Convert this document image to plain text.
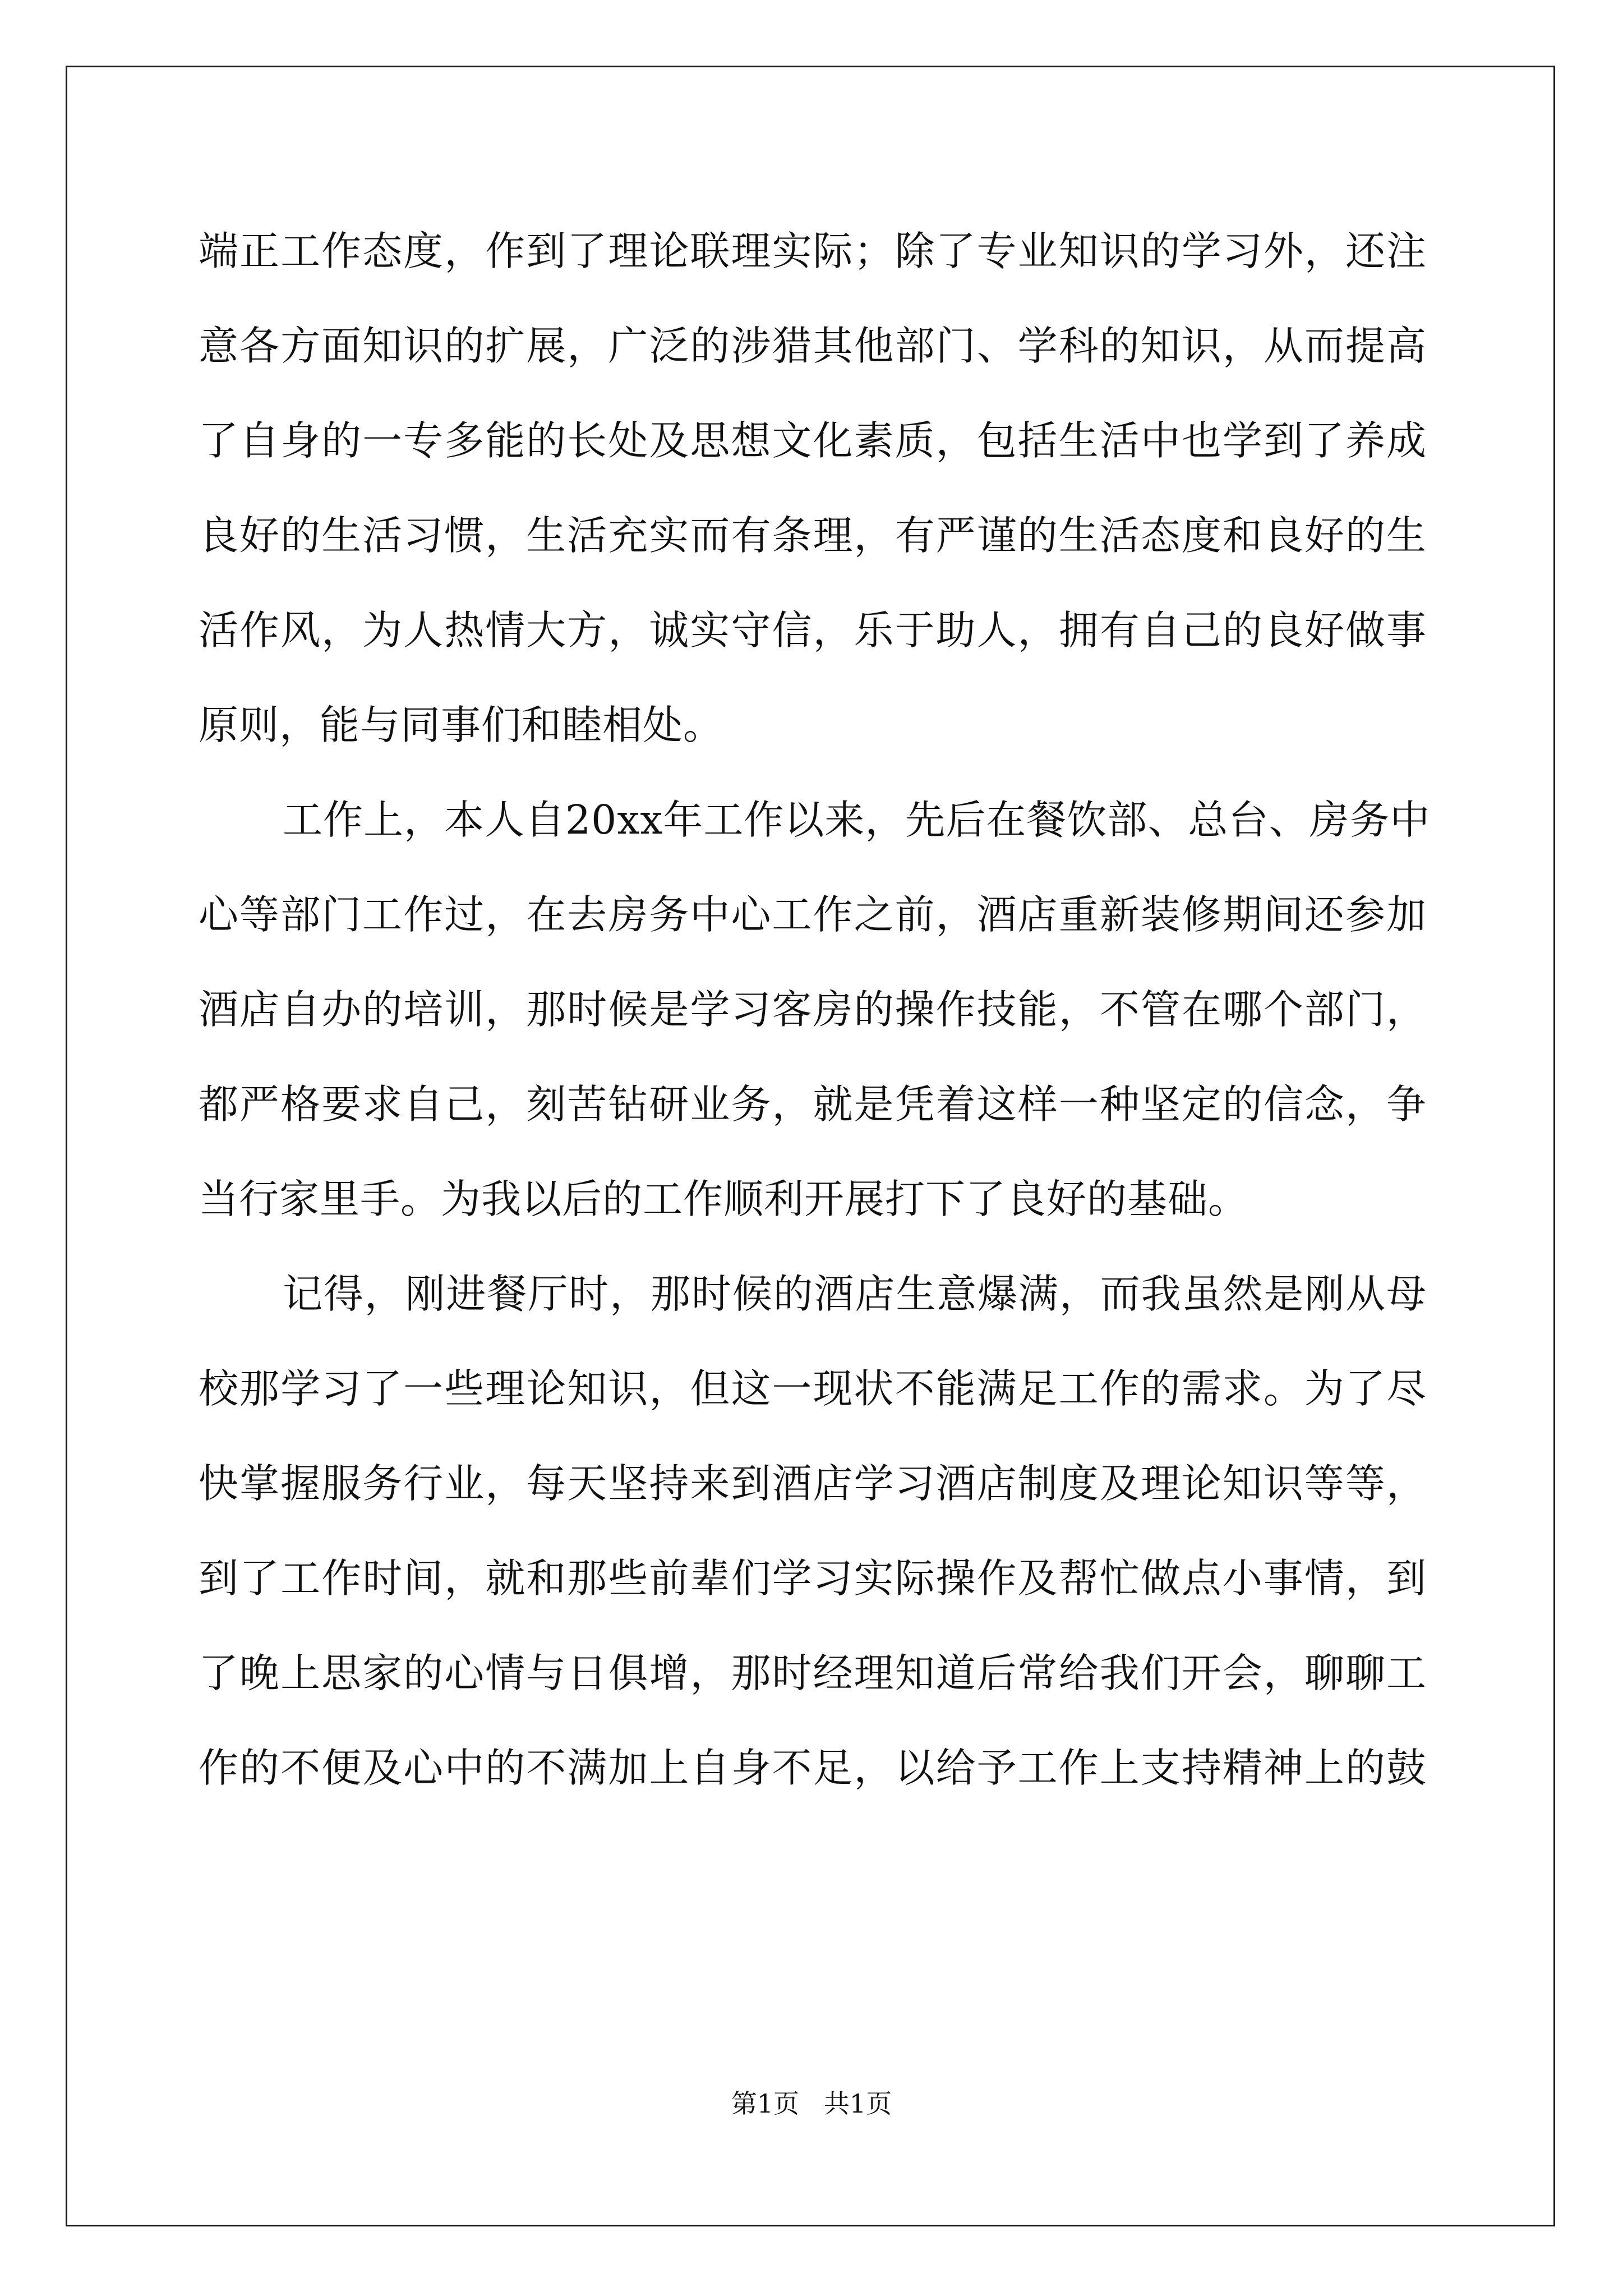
端正工作态度，作到了理论联理实际；除了专业知识的学习外，还注
意各方面知识的扩展，广泛的涉猎其他部门、学科的知识，从而提高
了自身的一专多能的长处及思想文化素质，包括生活中也学到了养成
良好的生活习惯，生活充实而有条理，有严谨的生活态度和良好的生
活作风，为人热情大方，诚实守信，乐于助人，拥有自己的良好做事
原则，能与同事们和睦相处。
工作上，本人自20xx年工作以来，先后在餐饮部、总台、房务中
心等部门工作过，在去房务中心工作之前，酒店重新装修期间还参加
酒店自办的培训，那时候是学习客房的操作技能，不管在哪个部门，
都严格要求自己，刻苦钻研业务，就是凭着这样一种坚定的信念，争
当行家里手。为我以后的工作顺利开展打下了良好的基础。
记得，刚进餐厅时，那时候的酒店生意爆满，而我虽然是刚从母
校那学习了一些理论知识，但这一现状不能满足工作的需求。为了尽
快掌握服务行业，每天坚持来到酒店学习酒店制度及理论知识等等，
到了工作时间，就和那些前辈们学习实际操作及帮忙做点小事情，到
了晚上思家的心情与日俱增，那时经理知道后常给我们开会，聊聊工
作的不便及心中的不满加上自身不足，以给予工作上支持精神上的鼓
第1页   共1页
